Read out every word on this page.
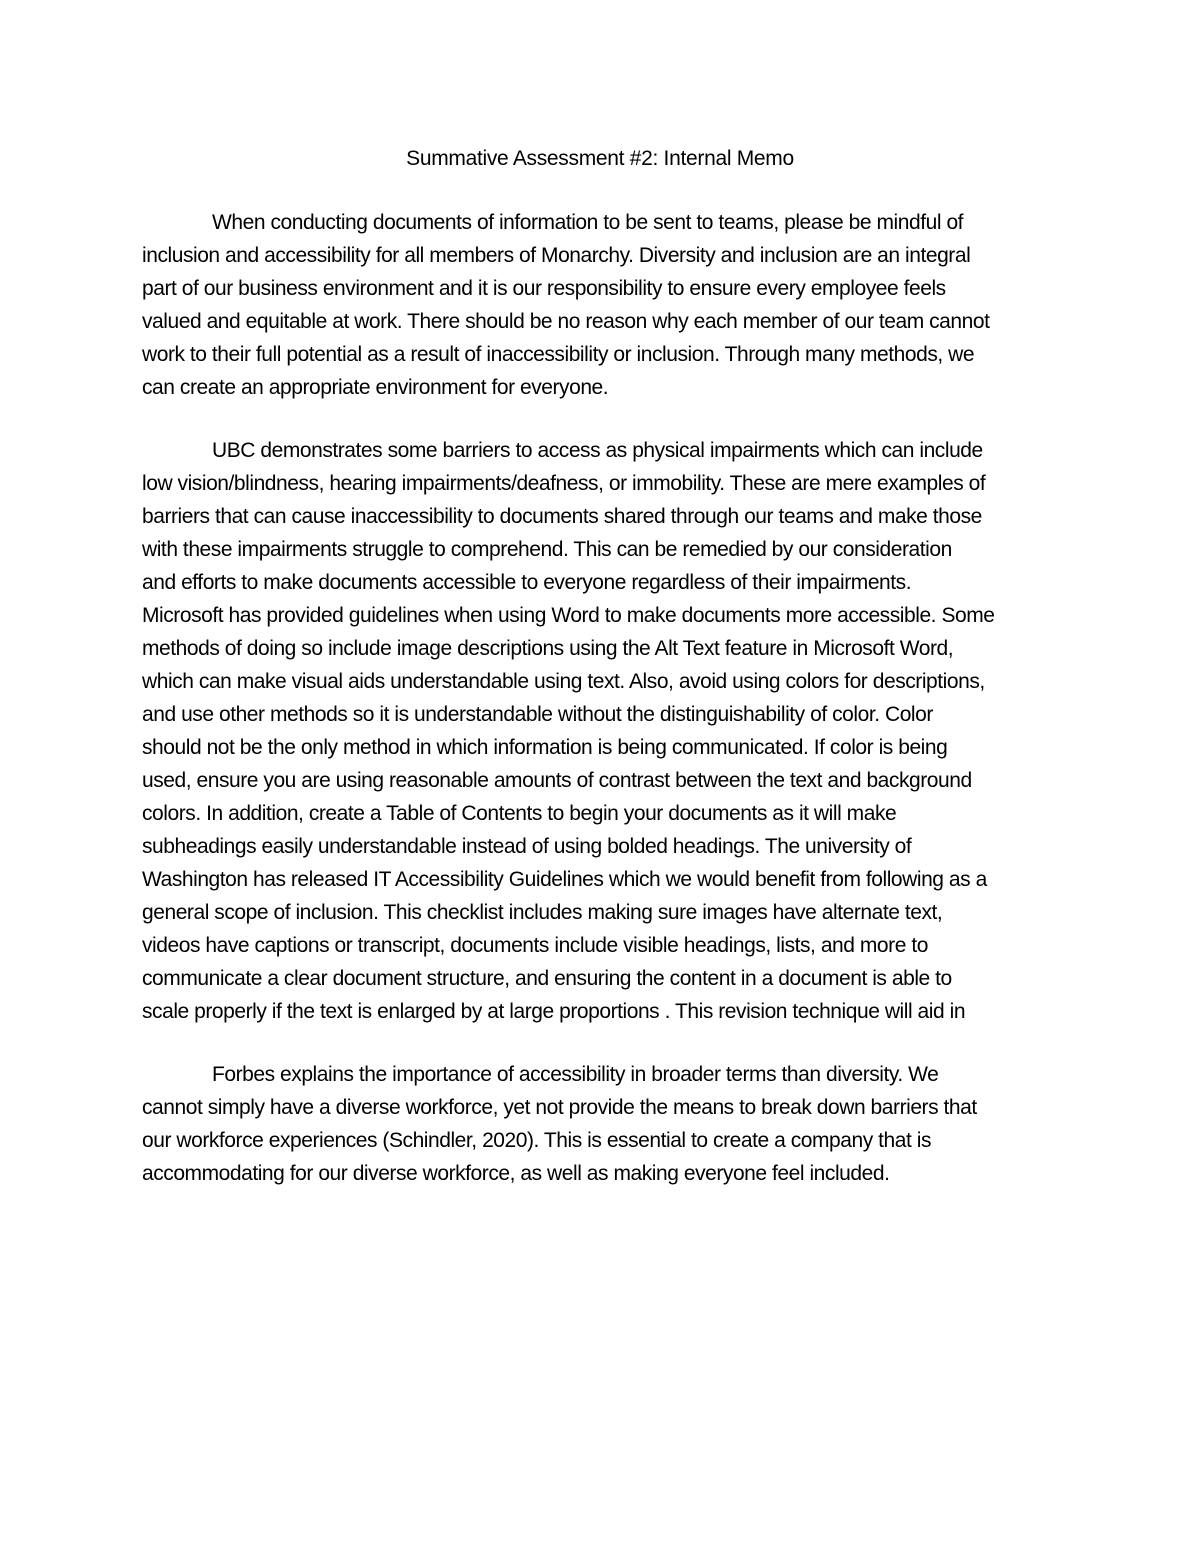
Summative Assessment #2: Internal Memo
When conducting documents of information to be sent to teams, please be mindful of
inclusion and accessibility for all members of Monarchy. Diversity and inclusion are an integral
part of our business environment and it is our responsibility to ensure every employee feels
valued and equitable at work. There should be no reason why each member of our team cannot
work to their full potential as a result of inaccessibility or inclusion. Through many methods, we
can create an appropriate environment for everyone.
UBC demonstrates some barriers to access as physical impairments which can include
low vision/blindness, hearing impairments/deafness, or immobility. These are mere examples of
barriers that can cause inaccessibility to documents shared through our teams and make those
with these impairments struggle to comprehend. This can be remedied by our consideration
and efforts to make documents accessible to everyone regardless of their impairments.
Microsoft has provided guidelines when using Word to make documents more accessible. Some
methods of doing so include image descriptions using the Alt Text feature in Microsoft Word,
which can make visual aids understandable using text. Also, avoid using colors for descriptions,
and use other methods so it is understandable without the distinguishability of color. Color
should not be the only method in which information is being communicated. If color is being
used, ensure you are using reasonable amounts of contrast between the text and background
colors. In addition, create a Table of Contents to begin your documents as it will make
subheadings easily understandable instead of using bolded headings. The university of
Washington has released IT Accessibility Guidelines which we would benefit from following as a
general scope of inclusion. This checklist includes making sure images have alternate text,
videos have captions or transcript, documents include visible headings, lists, and more to
communicate a clear document structure, and ensuring the content in a document is able to
scale properly if the text is enlarged by at large proportions . This revision technique will aid in
Forbes explains the importance of accessibility in broader terms than diversity. We
cannot simply have a diverse workforce, yet not provide the means to break down barriers that
our workforce experiences (Schindler, 2020). This is essential to create a company that is
accommodating for our diverse workforce, as well as making everyone feel included.
